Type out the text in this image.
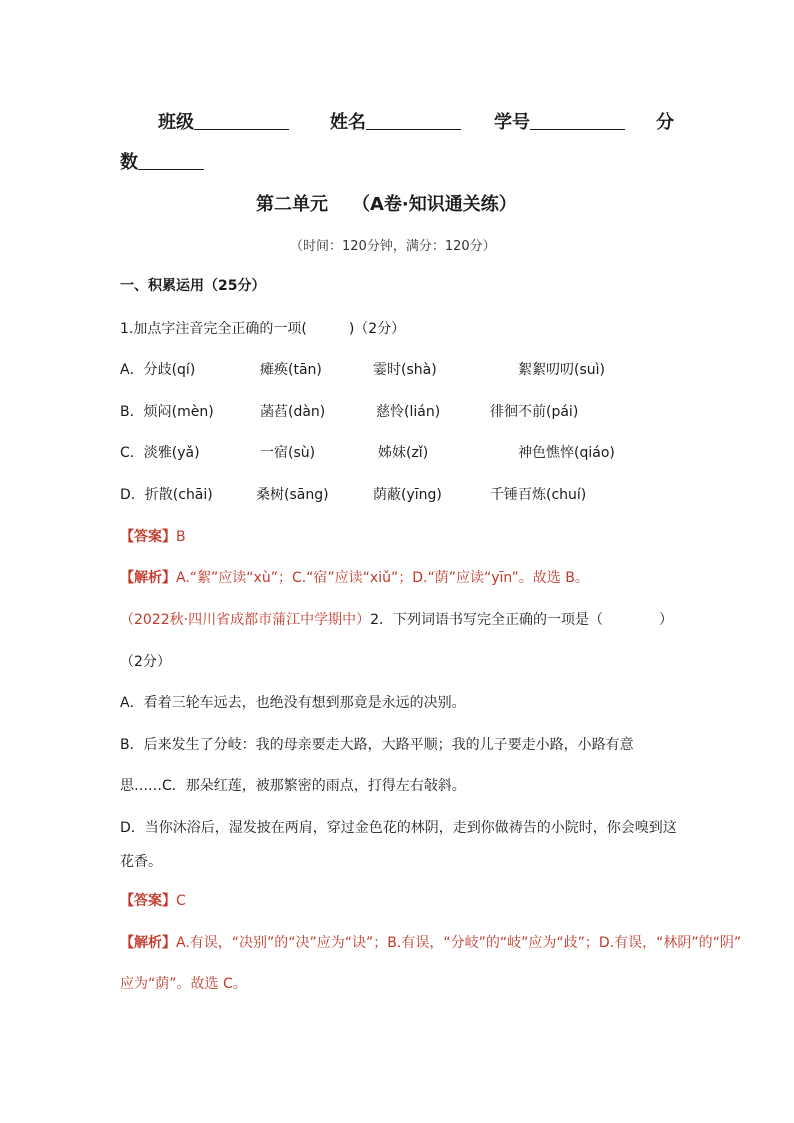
班级	姓名	学号	分
数
第二单元 （A卷·知识通关练）
（时间：120分钟，满分：120分）
一、积累运用（25分）
1.加点字注音完全正确的一项(　　　)（2分）
A．分歧(qí)	瘫痪(tān)	霎时(shà)	絮絮叨叨(suì)
B．烦闷(mèn)	菡萏(dàn)	慈怜(lián)	徘徊不前(pái)
C．淡雅(yǎ)	一宿(sù)	姊妹(zǐ)	神色憔悴(qiáo)
D．折散(chāi)	桑树(sāng)	荫蔽(yīng)	千锤百炼(chuí)
【答案】B
【解析】A.“絮”应读“xù”；C.“宿”应读“xiǔ”；D.“荫”应读“yīn”。故选 B。
（2022秋·四川省成都市蒲江中学期中）2．下列词语书写完全正确的一项是（　　　　）
（2分）
A．看着三轮车远去，也绝没有想到那竟是永远的决别。
B．后来发生了分岐：我的母亲要走大路，大路平顺；我的儿子要走小路，小路有意
思……C．那朵红莲，被那繁密的雨点，打得左右敧斜。
D．当你沐浴后，湿发披在两肩，穿过金色花的林阴，走到你做祷告的小院时，你会嗅到这
花香。
【答案】C
【解析】A.有误，“决别”的“决”应为“诀”；B.有误，“分岐”的“岐”应为“歧”；D.有误，“林阴”的“阴”
应为“荫”。故选 C。
